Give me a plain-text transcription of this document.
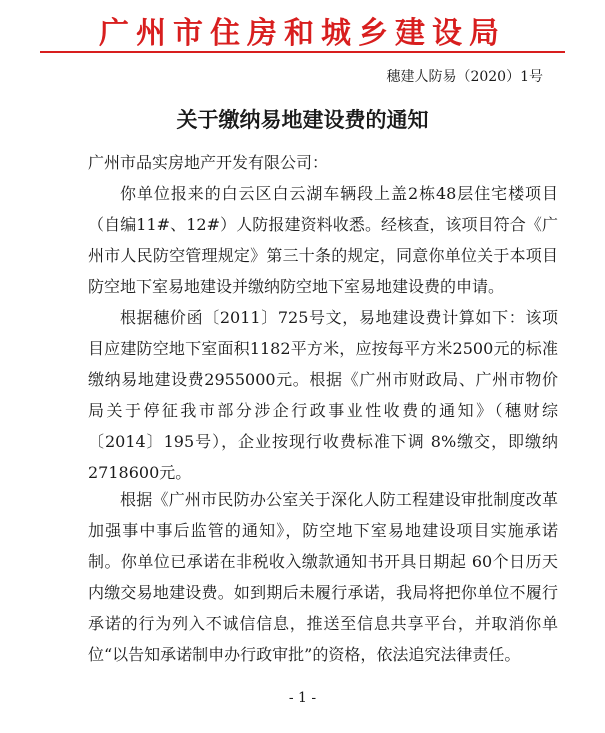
广州市住房和城乡建设局
穗建人防易（2020）1号
关于缴纳易地建设费的通知
广州市品实房地产开发有限公司：

你单位报来的白云区白云湖车辆段上盖2栋48层住宅楼项目（自编11#、12#）人防报建资料收悉。经核查，该项目符合《广州市人民防空管理规定》第三十条的规定，同意你单位关于本项目防空地下室易地建设并缴纳防空地下室易地建设费的申请。

根据穗价函〔2011〕725号文，易地建设费计算如下：该项目应建防空地下室面积1182平方米，应按每平方米2500元的标准缴纳易地建设费2955000元。根据《广州市财政局、广州市物价局关于停征我市部分涉企行政事业性收费的通知》（穗财综〔2014〕195号），企业按现行收费标准下调 8%缴交，即缴纳2718600元。

根据《广州市民防办公室关于深化人防工程建设审批制度改革加强事中事后监管的通知》，防空地下室易地建设项目实施承诺制。你单位已承诺在非税收入缴款通知书开具日期起 60个日历天内缴交易地建设费。如到期后未履行承诺，我局将把你单位不履行承诺的行为列入不诚信信息，推送至信息共享平台，并取消你单位“以告知承诺制申办行政审批”的资格，依法追究法律责任。

- 1 -
